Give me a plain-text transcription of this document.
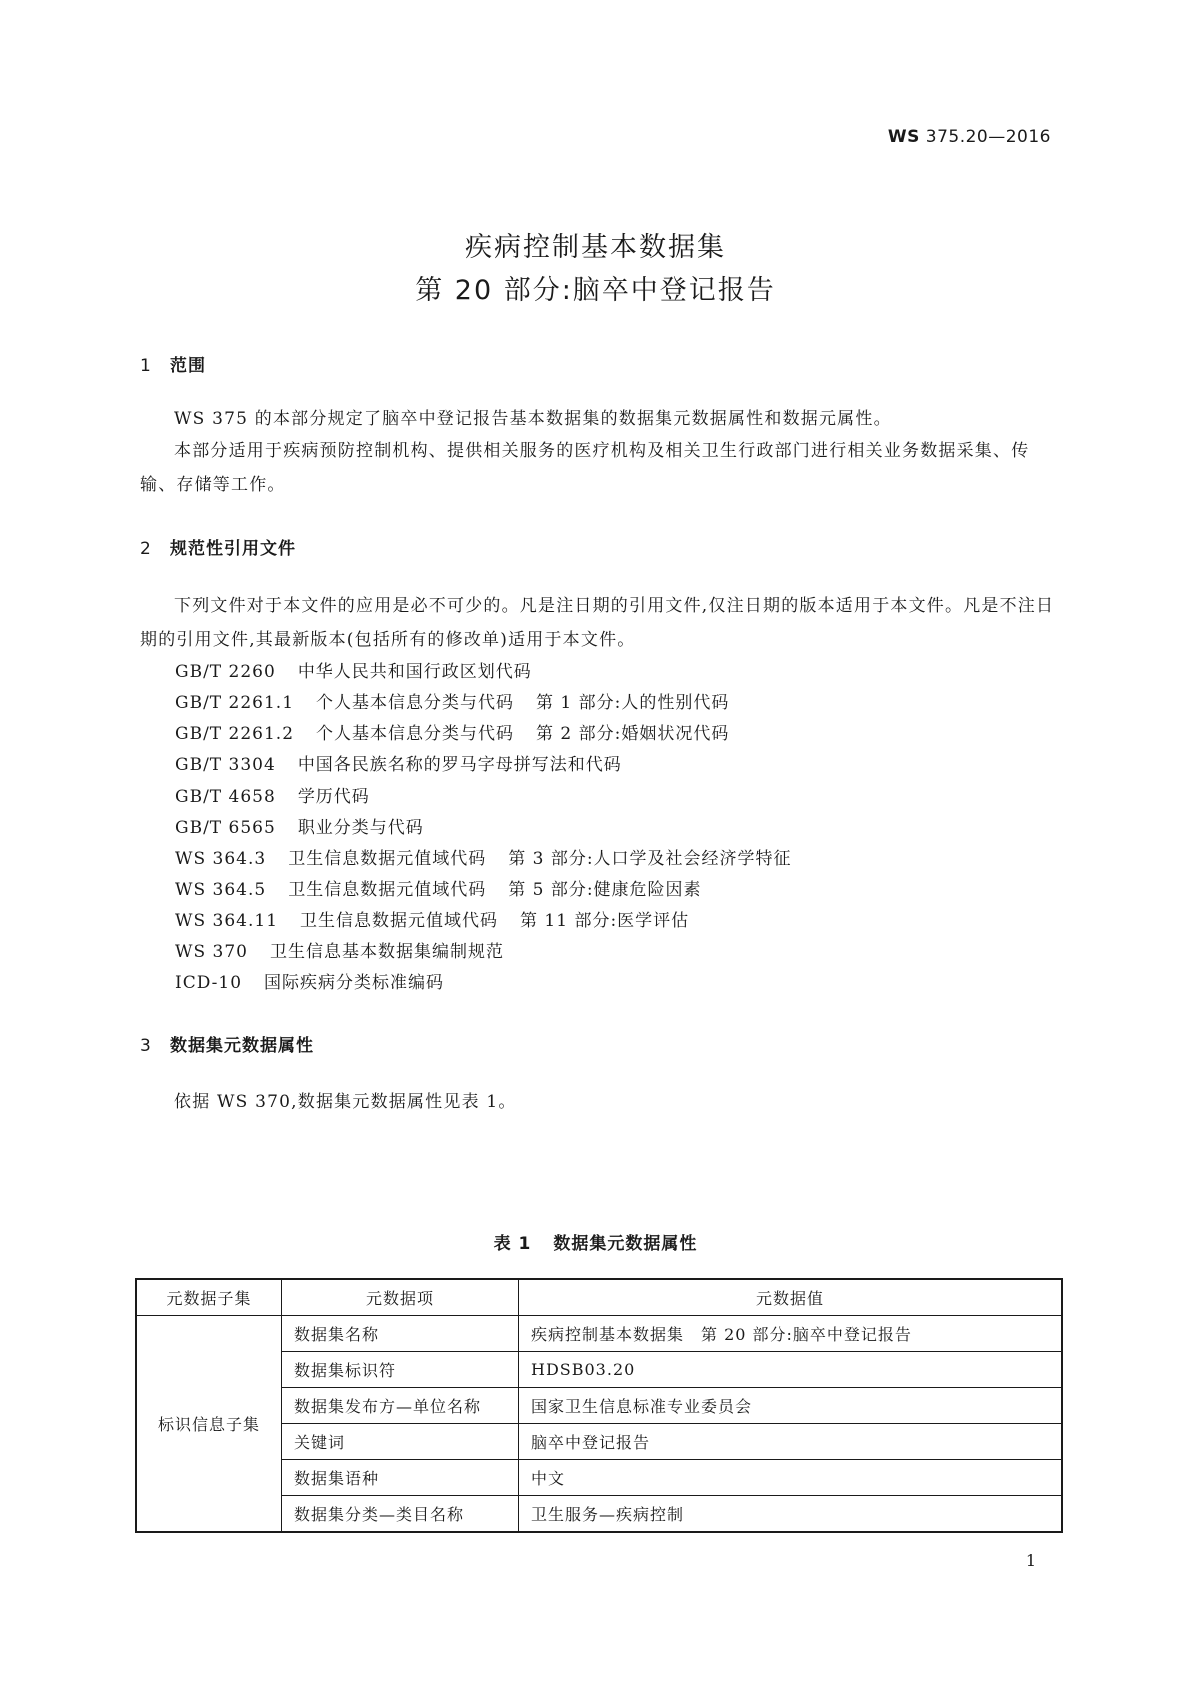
WS 375.20—2016
疾病控制基本数据集
第 20 部分:脑卒中登记报告
1 范围

WS 375 的本部分规定了脑卒中登记报告基本数据集的数据集元数据属性和数据元属性。

本部分适用于疾病预防控制机构、提供相关服务的医疗机构及相关卫生行政部门进行相关业务数据采集、传输、存储等工作。

2 规范性引用文件

下列文件对于本文件的应用是必不可少的。凡是注日期的引用文件,仅注日期的版本适用于本文件。凡是不注日期的引用文件,其最新版本(包括所有的修改单)适用于本文件。

GB/T 2260 中华人民共和国行政区划代码
GB/T 2261.1 个人基本信息分类与代码 第 1 部分:人的性别代码
GB/T 2261.2 个人基本信息分类与代码 第 2 部分:婚姻状况代码
GB/T 3304 中国各民族名称的罗马字母拼写法和代码
GB/T 4658 学历代码
GB/T 6565 职业分类与代码
WS 364.3 卫生信息数据元值域代码 第 3 部分:人口学及社会经济学特征
WS 364.5 卫生信息数据元值域代码 第 5 部分:健康危险因素
WS 364.11 卫生信息数据元值域代码 第 11 部分:医学评估
WS 370 卫生信息基本数据集编制规范
ICD-10 国际疾病分类标准编码
3 数据集元数据属性

依据 WS 370,数据集元数据属性见表 1。

表 1 数据集元数据属性
元数据子集	元数据项	元数据值
标识信息子集	数据集名称	疾病控制基本数据集　第 20 部分:脑卒中登记报告
	数据集标识符	HDSB03.20
	数据集发布方—单位名称	国家卫生信息标准专业委员会
	关键词	脑卒中登记报告
	数据集语种	中文
	数据集分类—类目名称	卫生服务—疾病控制
1
